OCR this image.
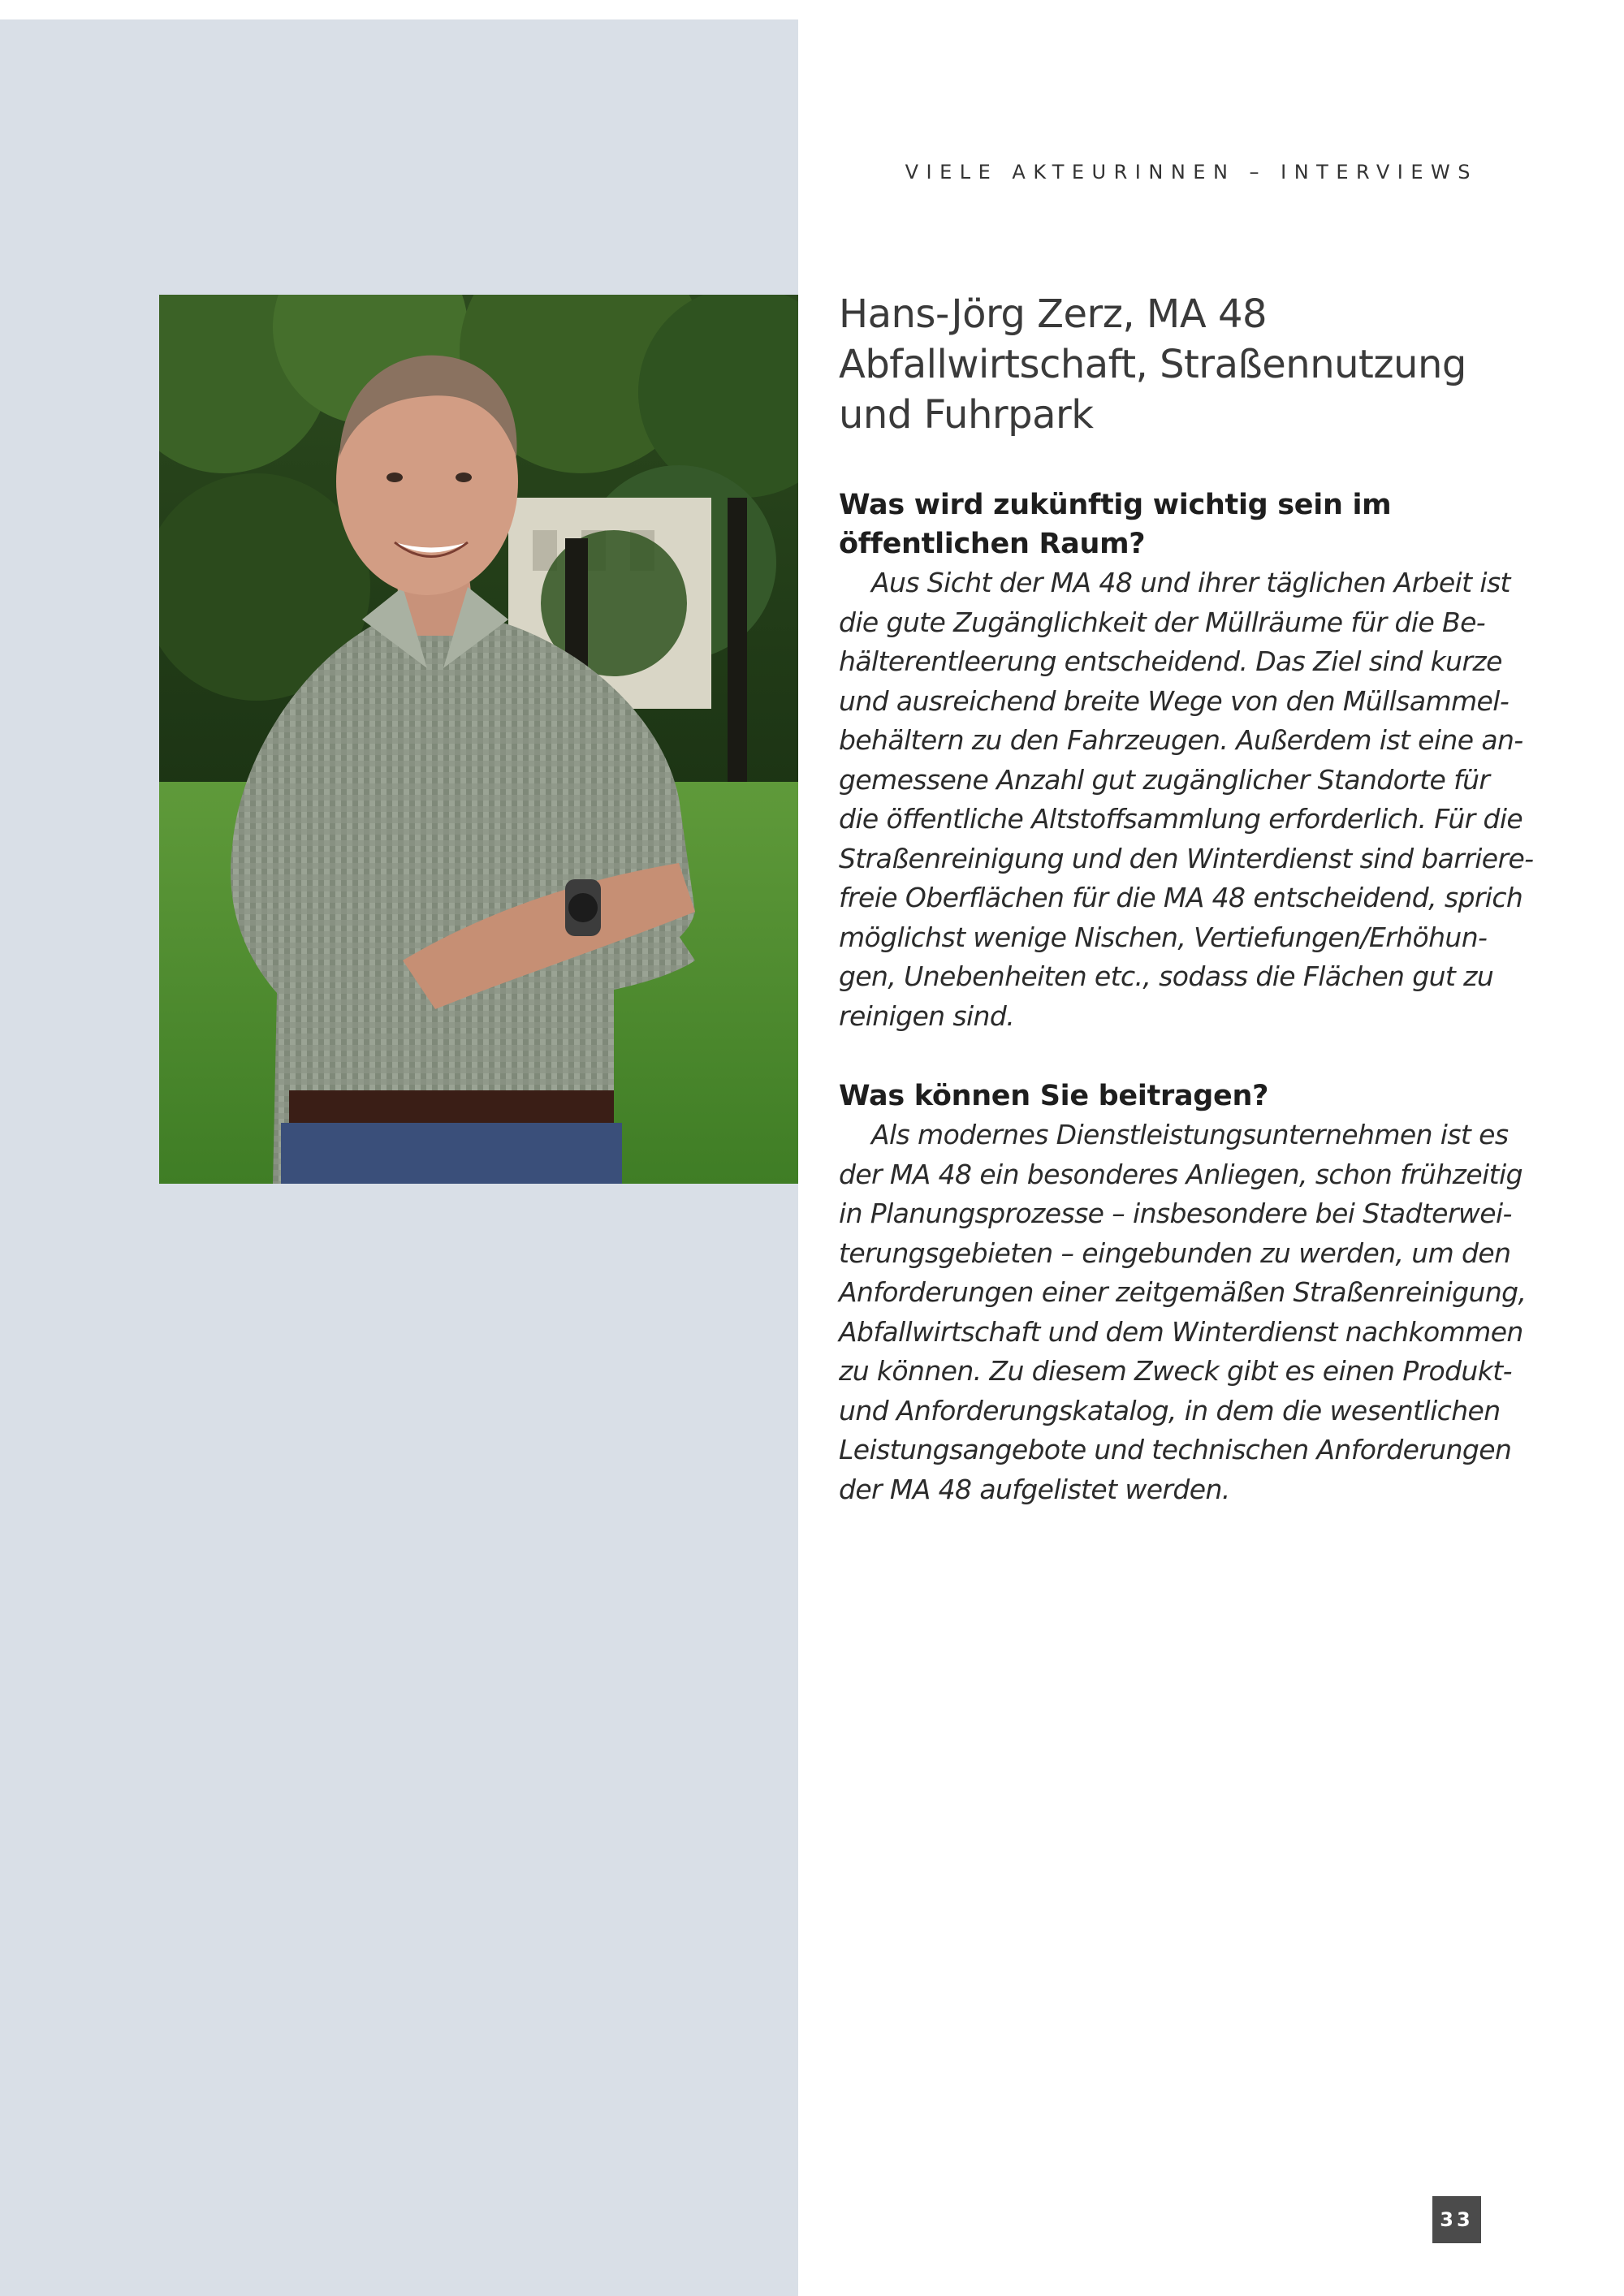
VIELE AKTEURINNEN – INTERVIEWS
Hans-Jörg Zerz, MA 48
Abfallwirtschaft, Straßennutzung
und Fuhrpark
Was wird zukünftig wichtig sein im
öffentlichen Raum?

Aus Sicht der MA 48 und ihrer täglichen Arbeit ist
die gute Zugänglichkeit der Müllräume für die Be-
hälterentleerung entscheidend. Das Ziel sind kurze
und ausreichend breite Wege von den Müllsammel-
behältern zu den Fahrzeugen. Außerdem ist eine an-
gemessene Anzahl gut zugänglicher Standorte für
die öffentliche Altstoffsammlung erforderlich. Für die
Straßenreinigung und den Winterdienst sind barriere-
freie Oberflächen für die MA 48 entscheidend, sprich
möglichst wenige Nischen, Vertiefungen/Erhöhun-
gen, Unebenheiten etc., sodass die Flächen gut zu
reinigen sind.

Was können Sie beitragen?

Als modernes Dienstleistungsunternehmen ist es
der MA 48 ein besonderes Anliegen, schon frühzeitig
in Planungsprozesse – insbesondere bei Stadterwei-
terungsgebieten – eingebunden zu werden, um den
Anforderungen einer zeitgemäßen Straßenreinigung,
Abfallwirtschaft und dem Winterdienst nachkommen
zu können. Zu diesem Zweck gibt es einen Produkt-
und Anforderungskatalog, in dem die wesentlichen
Leistungsangebote und technischen Anforderungen
der MA 48 aufgelistet werden.

33
